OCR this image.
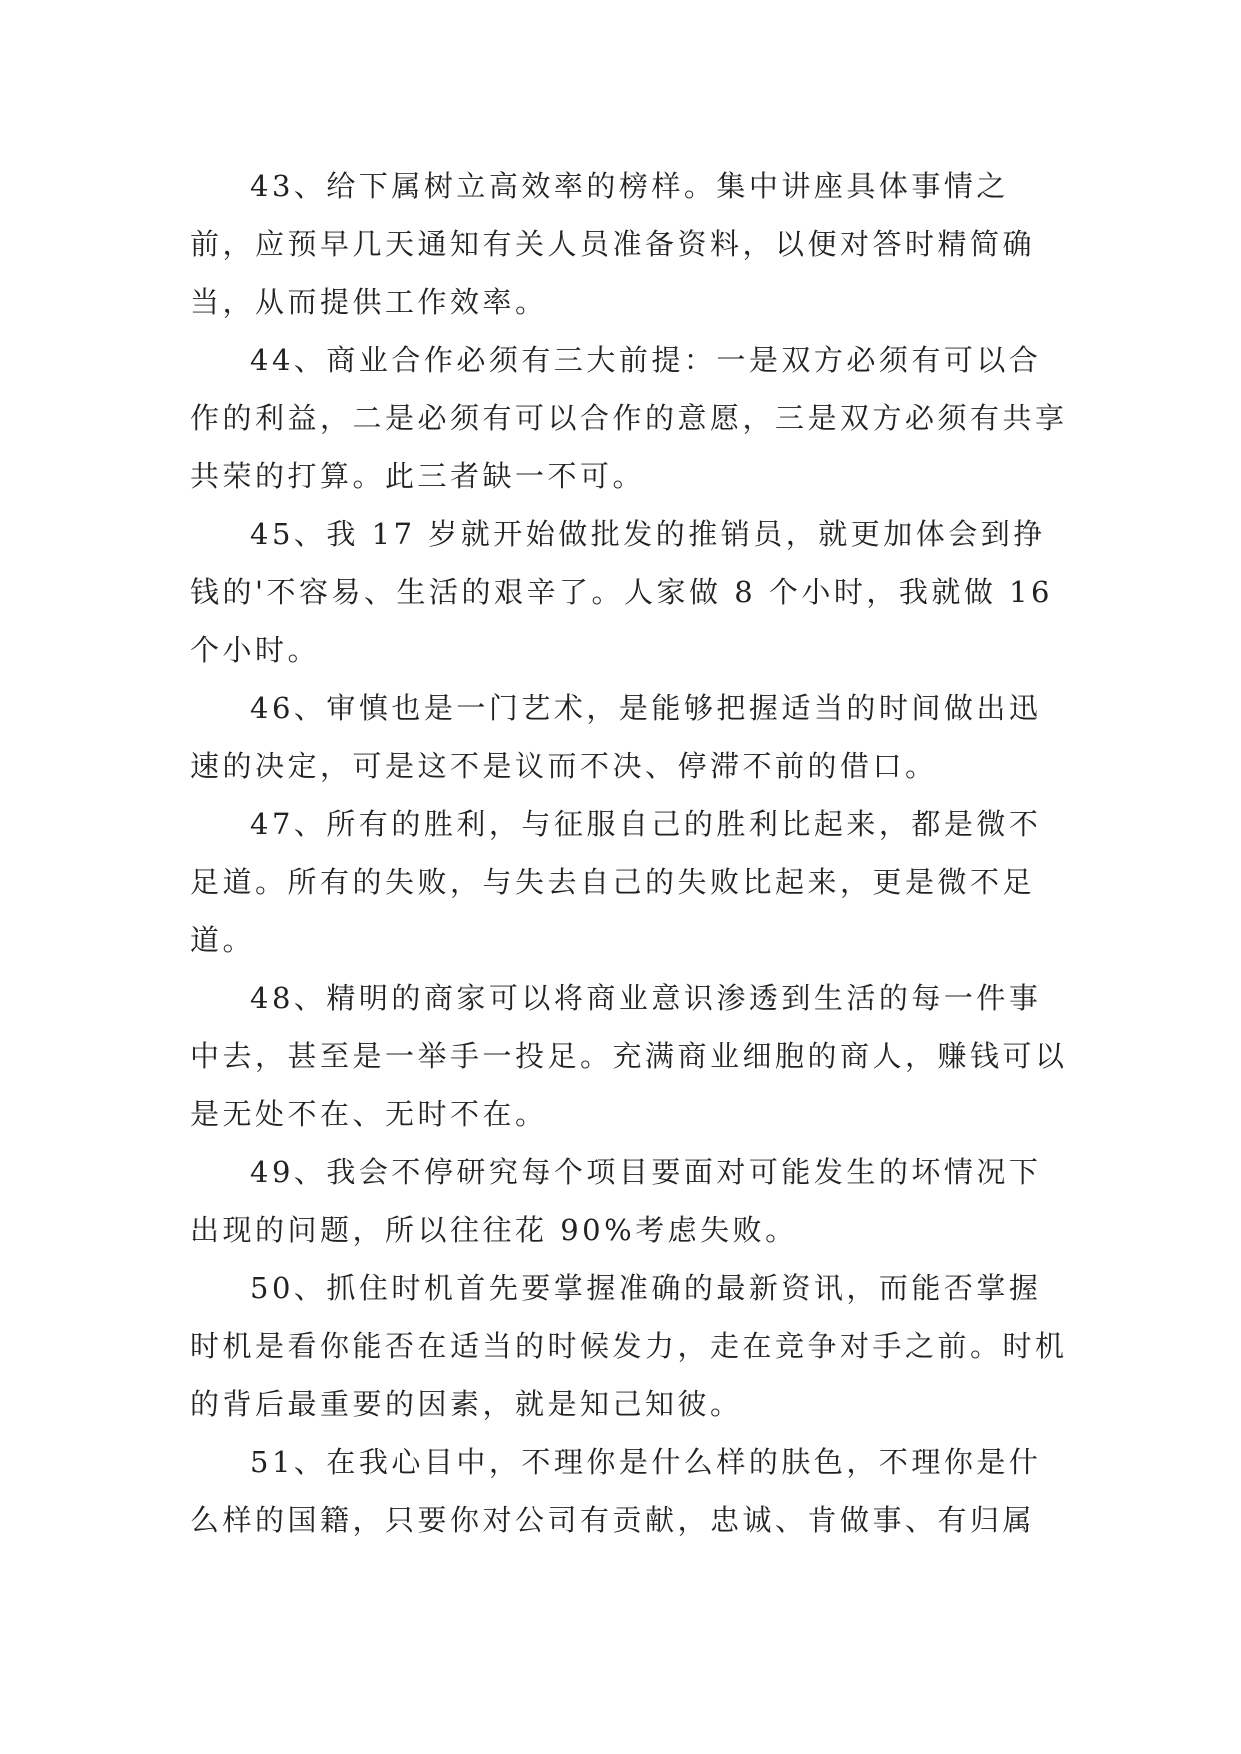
43、给下属树立高效率的榜样。集中讲座具体事情之前，应预早几天通知有关人员准备资料，以便对答时精简确当，从而提供工作效率。

44、商业合作必须有三大前提：一是双方必须有可以合作的利益，二是必须有可以合作的意愿，三是双方必须有共享共荣的打算。此三者缺一不可。

45、我 17 岁就开始做批发的推销员，就更加体会到挣钱的'不容易、生活的艰辛了。人家做 8 个小时，我就做 16 个小时。

46、审慎也是一门艺术，是能够把握适当的时间做出迅速的决定，可是这不是议而不决、停滞不前的借口。

47、所有的胜利，与征服自己的胜利比起来，都是微不足道。所有的失败，与失去自己的失败比起来，更是微不足道。

48、精明的商家可以将商业意识渗透到生活的每一件事中去，甚至是一举手一投足。充满商业细胞的商人，赚钱可以是无处不在、无时不在。

49、我会不停研究每个项目要面对可能发生的坏情况下出现的问题，所以往往花 90%考虑失败。

50、抓住时机首先要掌握准确的最新资讯，而能否掌握时机是看你能否在适当的时候发力，走在竞争对手之前。时机的背后最重要的因素，就是知己知彼。

51、在我心目中，不理你是什么样的肤色，不理你是什么样的国籍，只要你对公司有贡献，忠诚、肯做事、有归属
